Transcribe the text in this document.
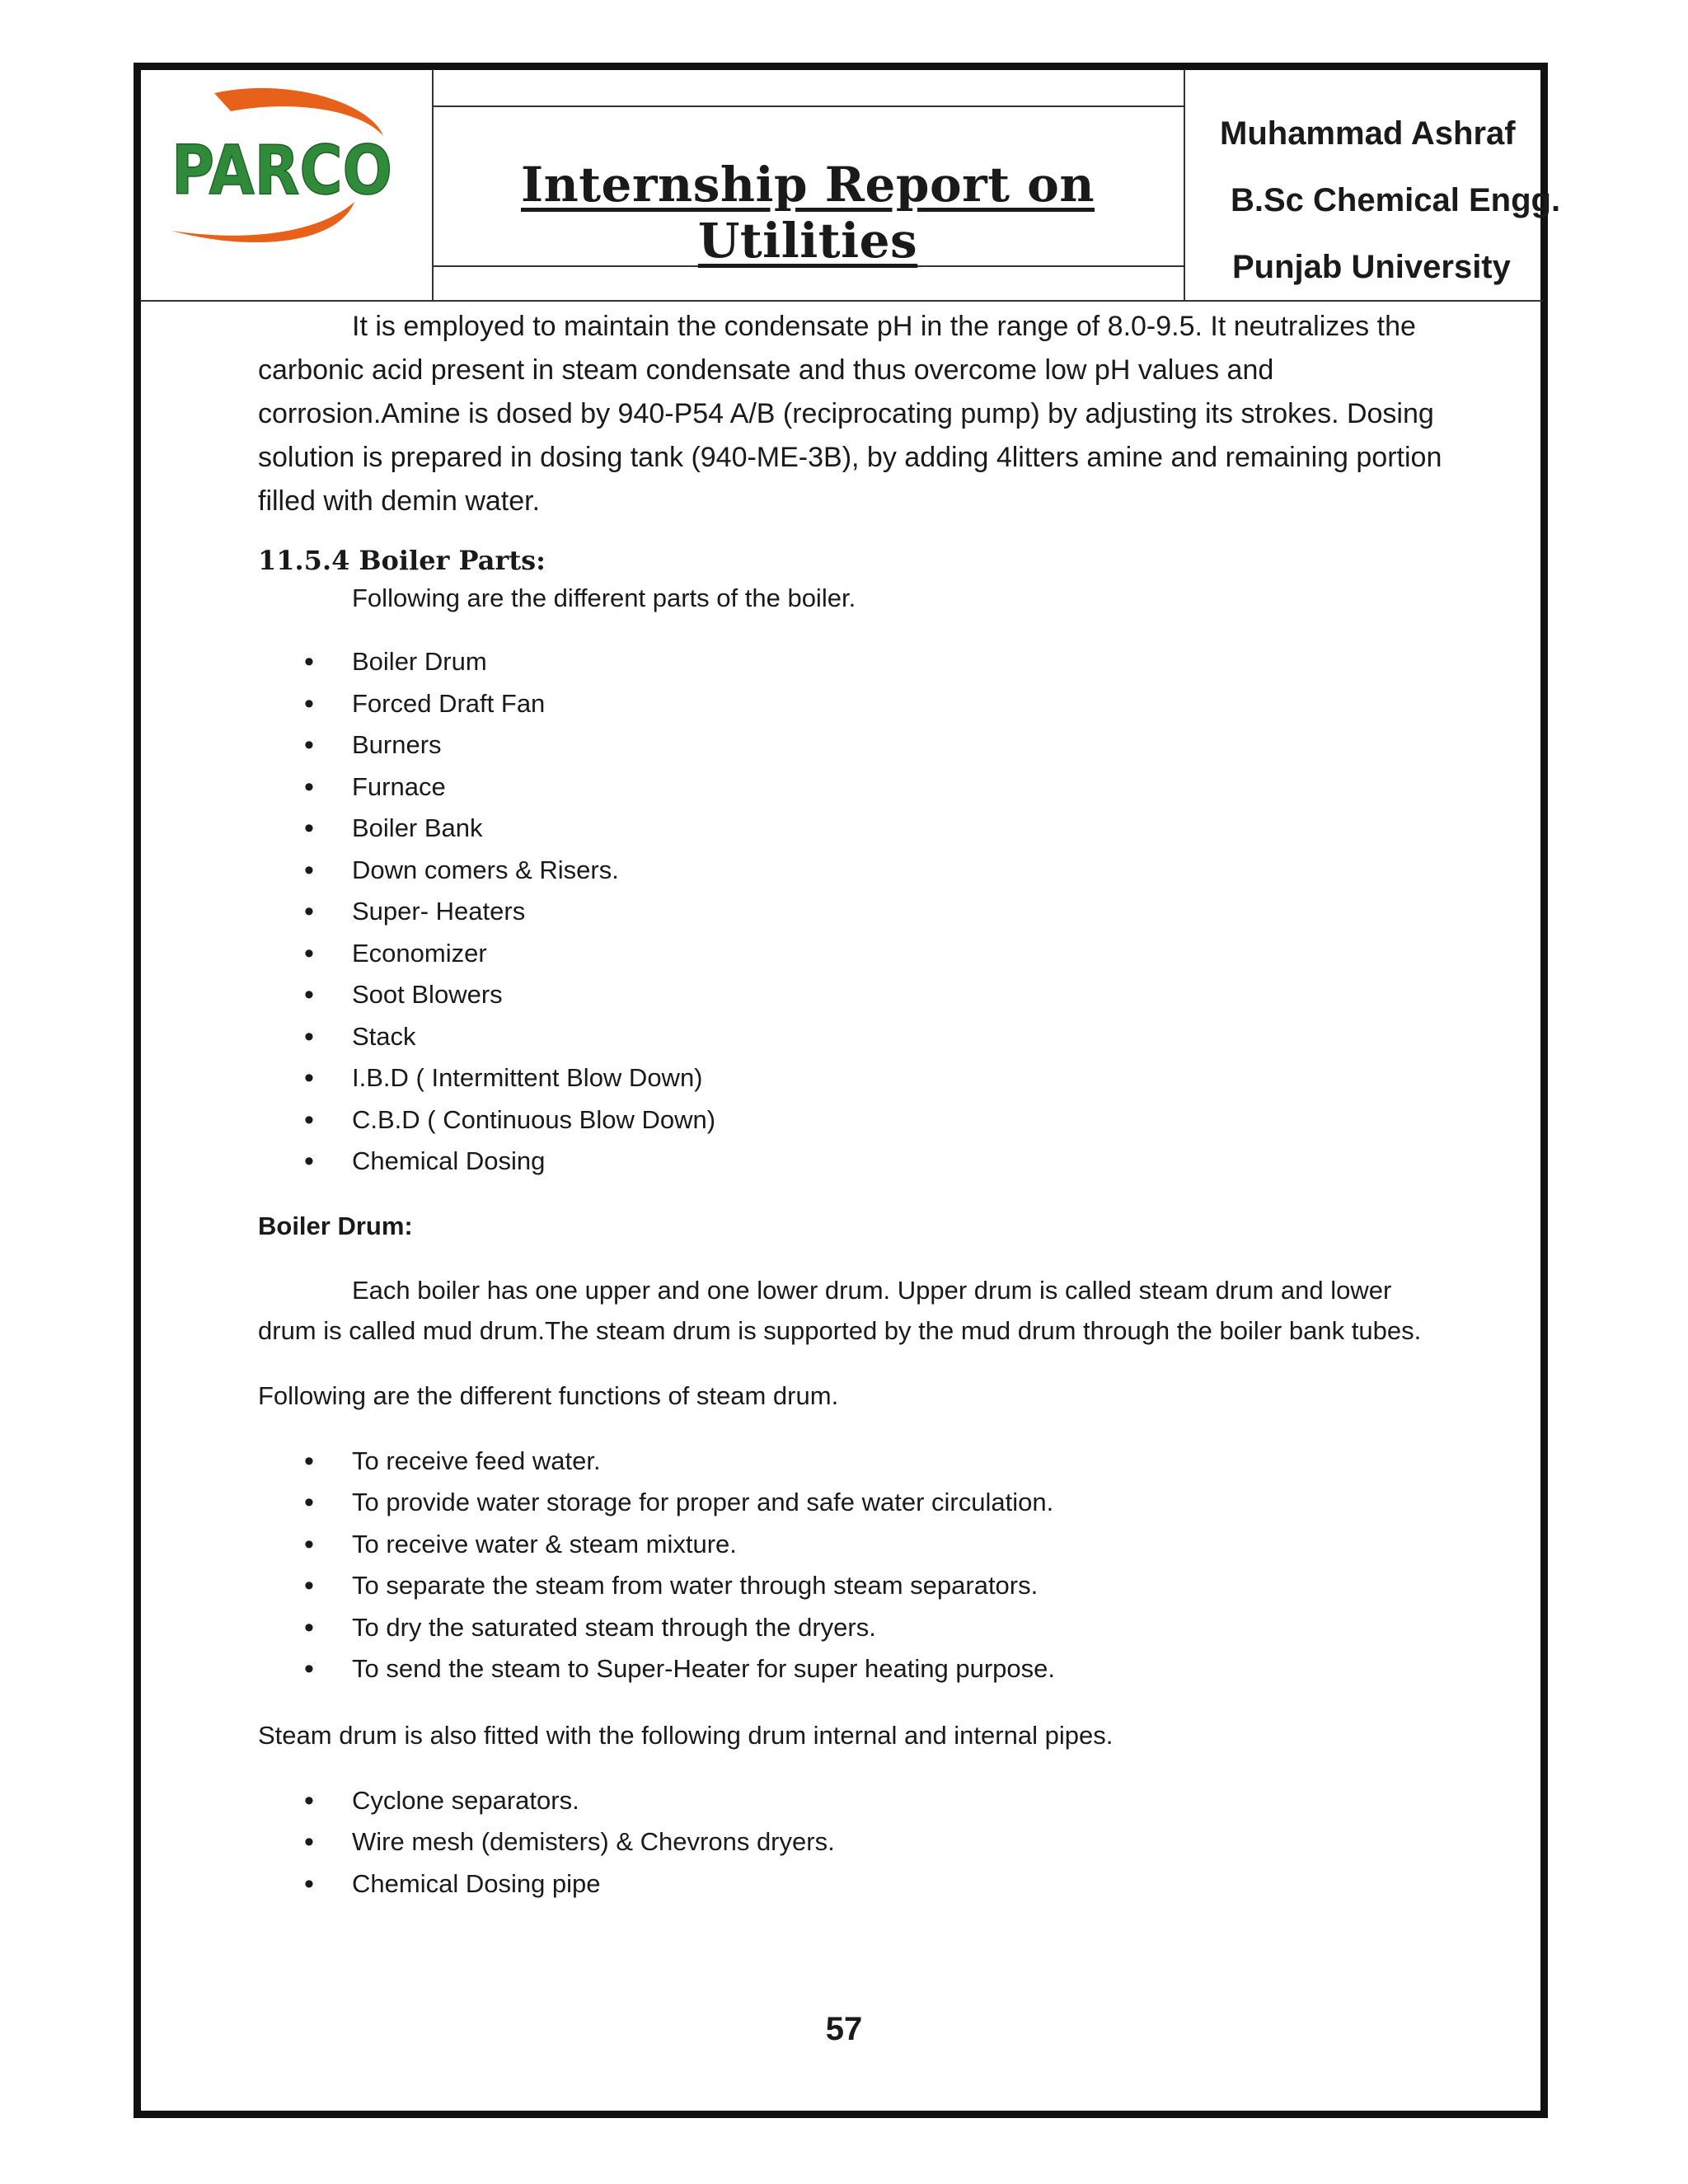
PARCO	Internship Report on Utilities
Muhammad Ashraf
B.Sc Chemical Engg.
Punjab University

It is employed to maintain the condensate pH in the range of 8.0-9.5. It neutralizes the carbonic acid present in steam condensate and thus overcome low pH values and corrosion.Amine is dosed by 940-P54 A/B (reciprocating pump) by adjusting its strokes. Dosing solution is prepared in dosing tank (940-ME-3B), by adding 4litters amine and remaining portion filled with demin water.

11.5.4 Boiler Parts:

Following are the different parts of the boiler.

• Boiler Drum
• Forced Draft Fan
• Burners
• Furnace
• Boiler Bank
• Down comers & Risers.
• Super- Heaters
• Economizer
• Soot Blowers
• Stack
• I.B.D ( Intermittent Blow Down)
• C.B.D ( Continuous Blow Down)
• Chemical Dosing

Boiler Drum:

Each boiler has one upper and one lower drum. Upper drum is called steam drum and lower drum is called mud drum.The steam drum is supported by the mud drum through the boiler bank tubes.

Following are the different functions of steam drum.

• To receive feed water.
• To provide water storage for proper and safe water circulation.
• To receive water & steam mixture.
• To separate the steam from water through steam separators.
• To dry the saturated steam through the dryers.
• To send the steam to Super-Heater for super heating purpose.

Steam drum is also fitted with the following drum internal and internal pipes.

• Cyclone separators.
• Wire mesh (demisters) & Chevrons dryers.
• Chemical Dosing pipe
57
